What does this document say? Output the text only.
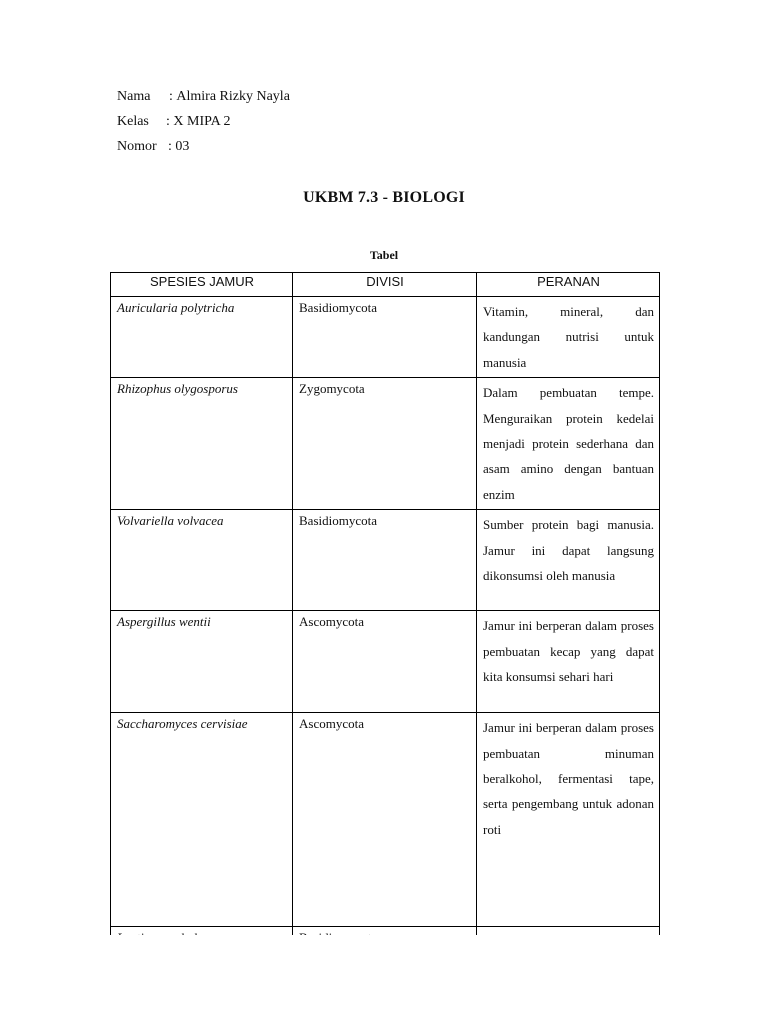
Nama : Almira Rizky Nayla
Kelas : X MIPA 2
Nomor : 03
UKBM 7.3 - BIOLOGI
Tabel
SPESIES JAMUR	DIVISI	PERANAN
Auricularia polytricha	Basidiomycota	Vitamin, mineral, dan kandungan nutrisi untuk manusia
Rhizophus olygosporus	Zygomycota	Dalam pembuatan tempe. Menguraikan protein kedelai menjadi protein sederhana dan asam amino dengan bantuan enzim
Volvariella volvacea	Basidiomycota	Sumber protein bagi manusia. Jamur ini dapat langsung dikonsumsi oleh manusia
Aspergillus wentii	Ascomycota	Jamur ini berperan dalam proses pembuatan kecap yang dapat kita konsumsi sehari hari
Saccharomyces cervisiae	Ascomycota	Jamur ini berperan dalam proses pembuatan minuman beralkohol, fermentasi tape, serta pengembang untuk adonan roti
